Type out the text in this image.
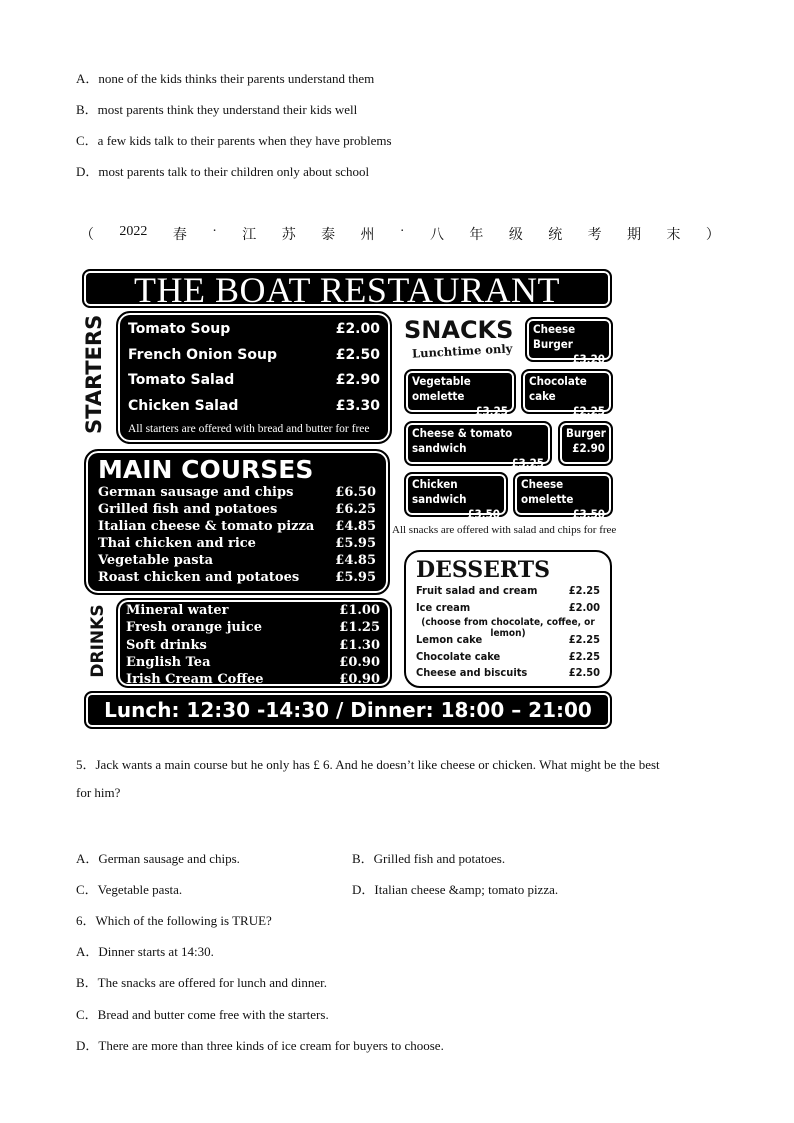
A．none of the kids thinks their parents understand them
B．most parents think they understand their kids well
C．a few kids talk to their parents when they have problems
D．most parents talk to their children only about school
（ 2022 春 · 江 苏 泰 州 · 八 年 级 统 考 期 末 ）
THE BOAT RESTAURANT
STARTERS Tomato Soup	£2.00
French Onion Soup	£2.50
Tomato Salad	£2.90
Chicken Salad	£3.30
All starters are offered with bread and butter for free
MAIN COURSES
German sausage and chips	£6.50
Grilled fish and potatoes	£6.25
Italian cheese & tomato pizza £4.85
Thai chicken and rice	£5.95
Vegetable pasta	£4.85
Roast chicken and potatoes	£5.95
DRINKS Mineral water	£1.00
Fresh orange juice	£1.25
Soft drinks	£1.30
English Tea	£0.90
Irish Cream Coffee	£0.90
SNACKS
Lunchtime only
Cheese Burger
£3.20
Vegetable omelette
£3.25
Chocolate cake
£2.25
Cheese & tomato sandwich
£3.25
Burger
£2.90
Chicken sandwich
£3.50
Cheese omelette
£3.50
All snacks are offered with salad and chips for free
DESSERTS
Fruit salad and cream	£2.25
Ice cream	£2.00
(choose from chocolate, coffee, or lemon)
Lemon cake	£2.25
Chocolate cake	£2.25
Cheese and biscuits	£2.50
Lunch: 12:30 -14:30 / Dinner: 18:00 – 21:00
5．Jack wants a main course but he only has £ 6. And he doesn’t like cheese or chicken. What might be the best
for him?
A．German sausage and chips.	B．Grilled fish and potatoes.
C．Vegetable pasta.	D．Italian cheese &amp; tomato pizza.
6．Which of the following is TRUE?
A．Dinner starts at 14:30.
B．The snacks are offered for lunch and dinner.
C．Bread and butter come free with the starters.
D．There are more than three kinds of ice cream for buyers to choose.
